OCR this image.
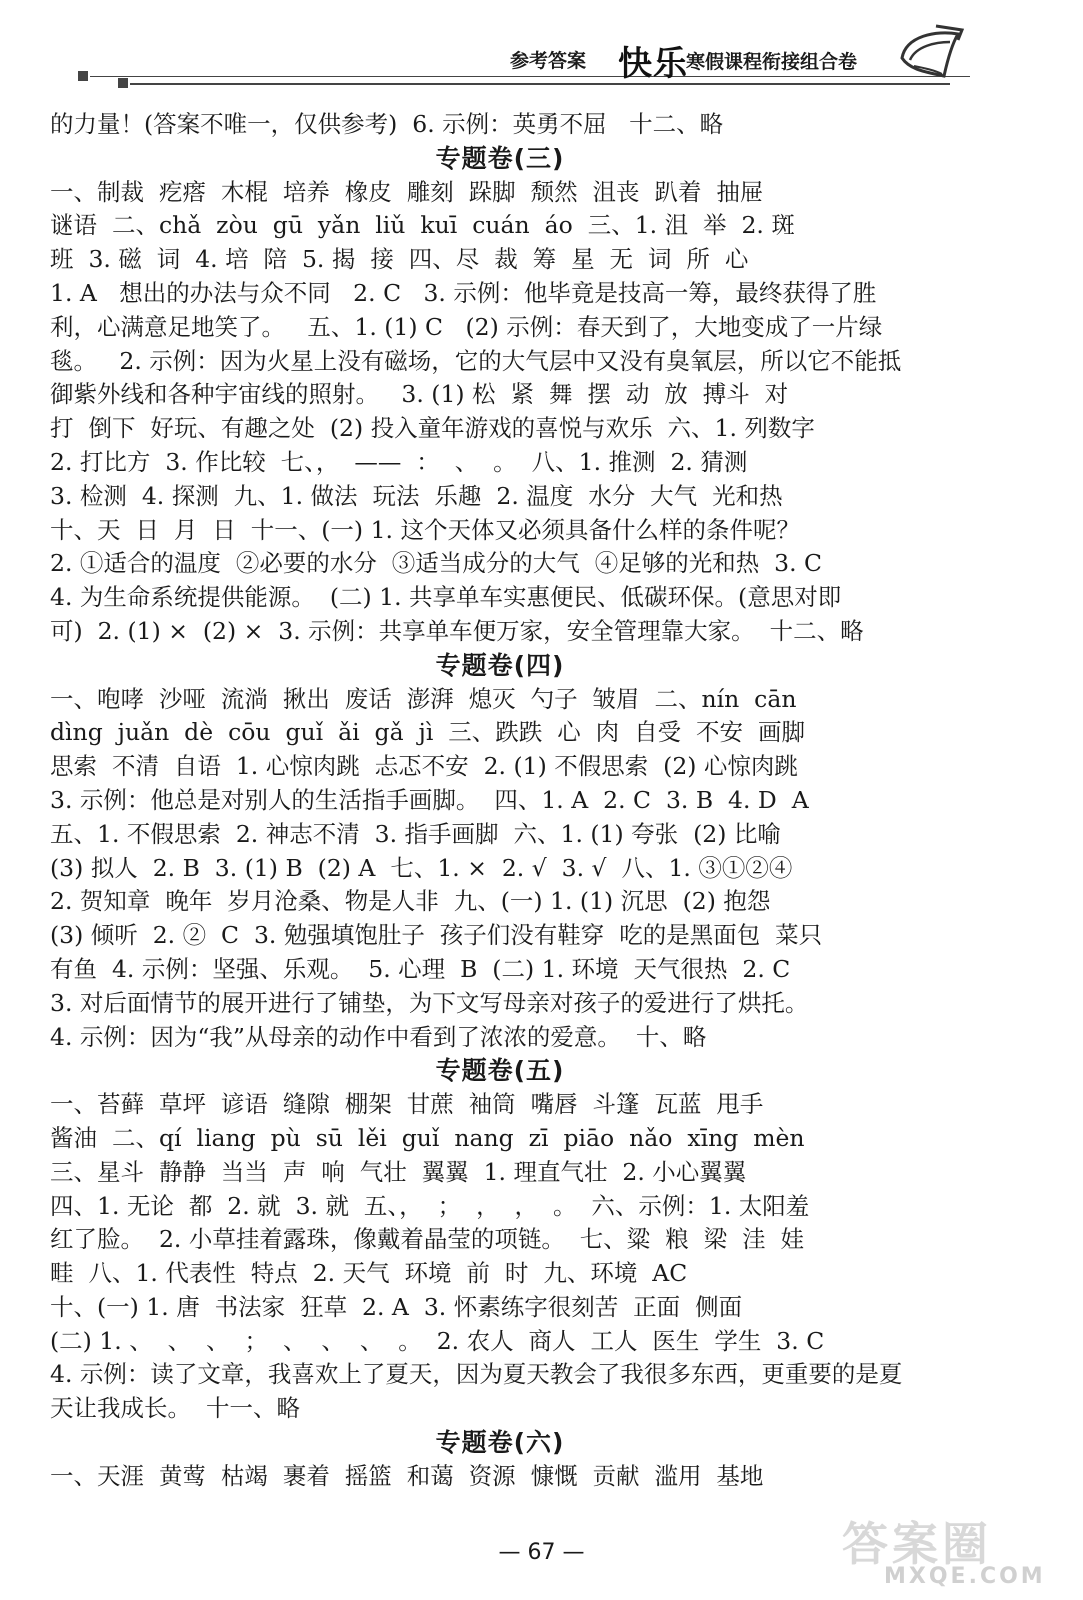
参考答案 快乐
寒假课程衔接组合卷
的力量！(答案不唯一，仅供参考)  6. 示例：英勇不屈   十二、略
专题卷(三)
一、制裁  疙瘩  木棍  培养  橡皮  雕刻  跺脚  颓然  沮丧  趴着  抽屉
谜语  二、chǎ  zòu  gū  yǎn  liǔ  kuī  cuán  áo  三、1. 沮  举  2. 斑
班  3. 磁  词  4. 培  陪  5. 揭  接  四、尽  裁  筹  星  无  词  所  心
1. A   想出的办法与众不同   2. C   3. 示例：他毕竟是技高一筹，最终获得了胜
利，心满意足地笑了。   五、1. (1) C   (2) 示例：春天到了，大地变成了一片绿
毯。   2. 示例：因为火星上没有磁场，它的大气层中又没有臭氧层，所以它不能抵
御紫外线和各种宇宙线的照射。   3. (1) 松  紧  舞  摆  动  放  搏斗  对
打  倒下  好玩、有趣之处  (2) 投入童年游戏的喜悦与欢乐  六、1. 列数字
2. 打比方  3. 作比较  七、，  ——  ：  、  。  八、1. 推测  2. 猜测
3. 检测  4. 探测  九、1. 做法  玩法  乐趣  2. 温度  水分  大气  光和热
十、天  日  月  日  十一、(一) 1. 这个天体又必须具备什么样的条件呢？
2. ①适合的温度  ②必要的水分  ③适当成分的大气  ④足够的光和热  3. C
4. 为生命系统提供能源。  (二) 1. 共享单车实惠便民、低碳环保。(意思对即
可)  2. (1) ×  (2) ×  3. 示例：共享单车便万家，安全管理靠大家。  十二、略
专题卷(四)
一、咆哮  沙哑  流淌  揪出  废话  澎湃  熄灭  勺子  皱眉  二、nín  cān
dìng  juǎn  dè  cōu  guǐ  ǎi  gǎ  jì  三、跌跌  心  肉  自受  不安  画脚
思索  不清  自语  1. 心惊肉跳  忐忑不安  2. (1) 不假思索  (2) 心惊肉跳
3. 示例：他总是对别人的生活指手画脚。  四、1. A  2. C  3. B  4. D  A
五、1. 不假思索  2. 神志不清  3. 指手画脚  六、1. (1) 夸张  (2) 比喻
(3) 拟人  2. B  3. (1) B  (2) A  七、1. ×  2. √  3. √  八、1. ③①②④
2. 贺知章  晚年  岁月沧桑、物是人非  九、(一) 1. (1) 沉思  (2) 抱怨
(3) 倾听  2. ②  C  3. 勉强填饱肚子  孩子们没有鞋穿  吃的是黑面包  菜只
有鱼  4. 示例：坚强、乐观。  5. 心理  B  (二) 1. 环境  天气很热  2. C
3. 对后面情节的展开进行了铺垫，为下文写母亲对孩子的爱进行了烘托。
4. 示例：因为“我”从母亲的动作中看到了浓浓的爱意。  十、略
专题卷(五)
一、苔藓  草坪  谚语  缝隙  棚架  甘蔗  袖筒  嘴唇  斗篷  瓦蓝  甩手
酱油  二、qí  liang  pù  sū  lěi  guǐ  nang  zī  piāo  nǎo  xīng  mèn
三、星斗  静静  当当  声  响  气壮  翼翼  1. 理直气壮  2. 小心翼翼
四、1. 无论  都  2. 就  3. 就  五、，  ；  ，  ，  。  六、示例：1. 太阳羞
红了脸。  2. 小草挂着露珠，像戴着晶莹的项链。  七、粱  粮  梁  洼  娃
畦  八、1. 代表性  特点  2. 天气  环境  前  时  九、环境  AC
十、(一) 1. 唐  书法家  狂草  2. A  3. 怀素练字很刻苦  正面  侧面
(二) 1. 、  、  、  ；  、  、  、  。  2. 农人  商人  工人  医生  学生  3. C
4. 示例：读了文章，我喜欢上了夏天，因为夏天教会了我很多东西，更重要的是夏
天让我成长。  十一、略
专题卷(六)
一、天涯  黄莺  枯竭  裹着  摇篮  和蔼  资源  慷慨  贡献  滥用  基地
— 67 —	答案圈
MXQE.COM
